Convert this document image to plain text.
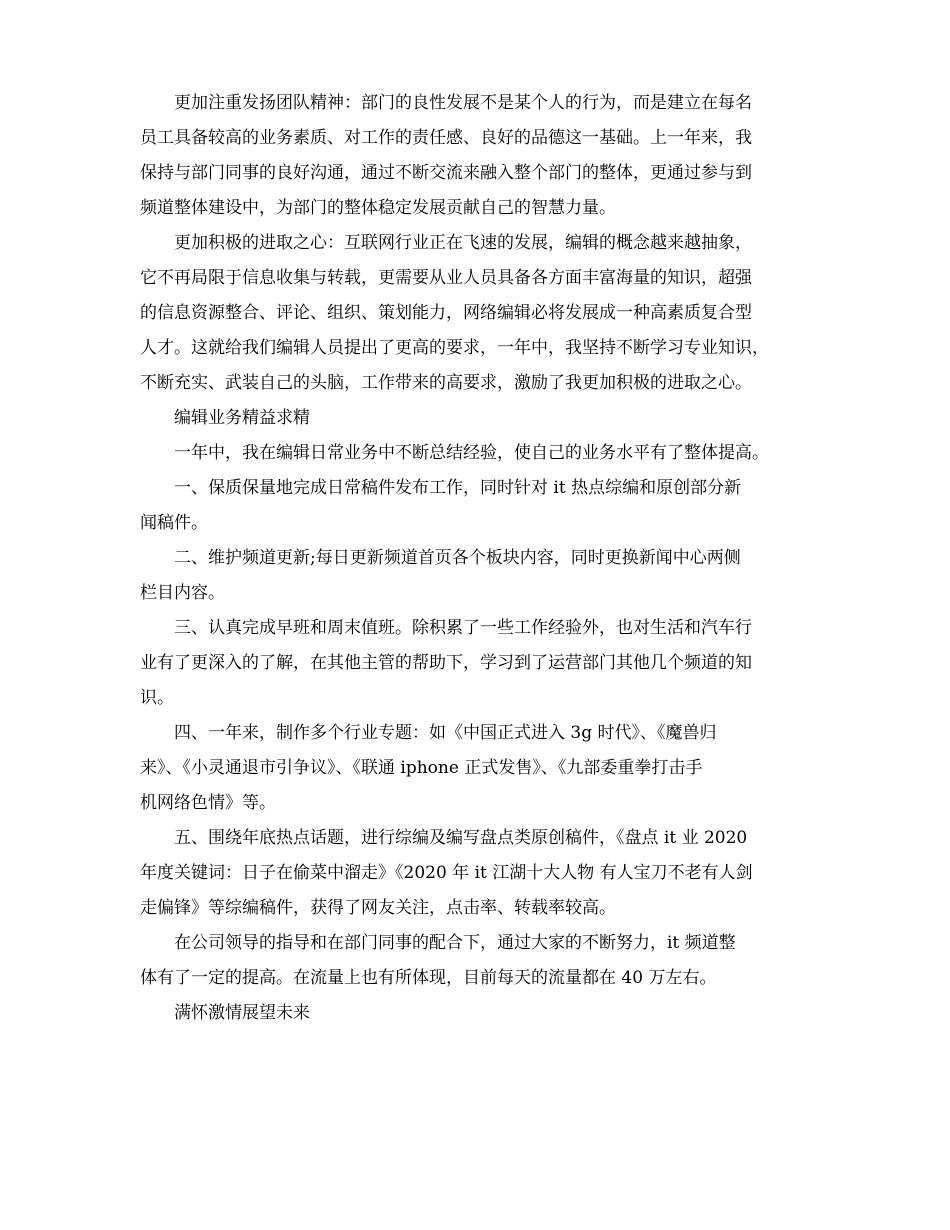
更加注重发扬团队精神：部门的良性发展不是某个人的行为，而是建立在每名
员工具备较高的业务素质、对工作的责任感、良好的品德这一基础。上一年来，我
保持与部门同事的良好沟通，通过不断交流来融入整个部门的整体，更通过参与到
频道整体建设中，为部门的整体稳定发展贡献自己的智慧力量。
更加积极的进取之心：互联网行业正在飞速的发展，编辑的概念越来越抽象，
它不再局限于信息收集与转载，更需要从业人员具备各方面丰富海量的知识，超强
的信息资源整合、评论、组织、策划能力，网络编辑必将发展成一种高素质复合型
人才。这就给我们编辑人员提出了更高的要求，一年中，我坚持不断学习专业知识，
不断充实、武装自己的头脑，工作带来的高要求，激励了我更加积极的进取之心。
编辑业务精益求精
一年中，我在编辑日常业务中不断总结经验，使自己的业务水平有了整体提高。
一、保质保量地完成日常稿件发布工作，同时针对 it 热点综编和原创部分新
闻稿件。
二、维护频道更新;每日更新频道首页各个板块内容，同时更换新闻中心两侧
栏目内容。
三、认真完成早班和周末值班。除积累了一些工作经验外，也对生活和汽车行
业有了更深入的了解，在其他主管的帮助下，学习到了运营部门其他几个频道的知
识。
四、一年来，制作多个行业专题：如《中国正式进入 3g 时代》、《魔兽归
来》、《小灵通退市引争议》、《联通 iphone 正式发售》、《九部委重拳打击手
机网络色情》等。
五、围绕年底热点话题，进行综编及编写盘点类原创稿件，《盘点 it 业 2020
年度关键词：日子在偷菜中溜走》《2020 年 it 江湖十大人物 有人宝刀不老有人剑
走偏锋》等综编稿件，获得了网友关注，点击率、转载率较高。
在公司领导的指导和在部门同事的配合下，通过大家的不断努力，it 频道整
体有了一定的提高。在流量上也有所体现，目前每天的流量都在 40 万左右。
满怀激情展望未来
